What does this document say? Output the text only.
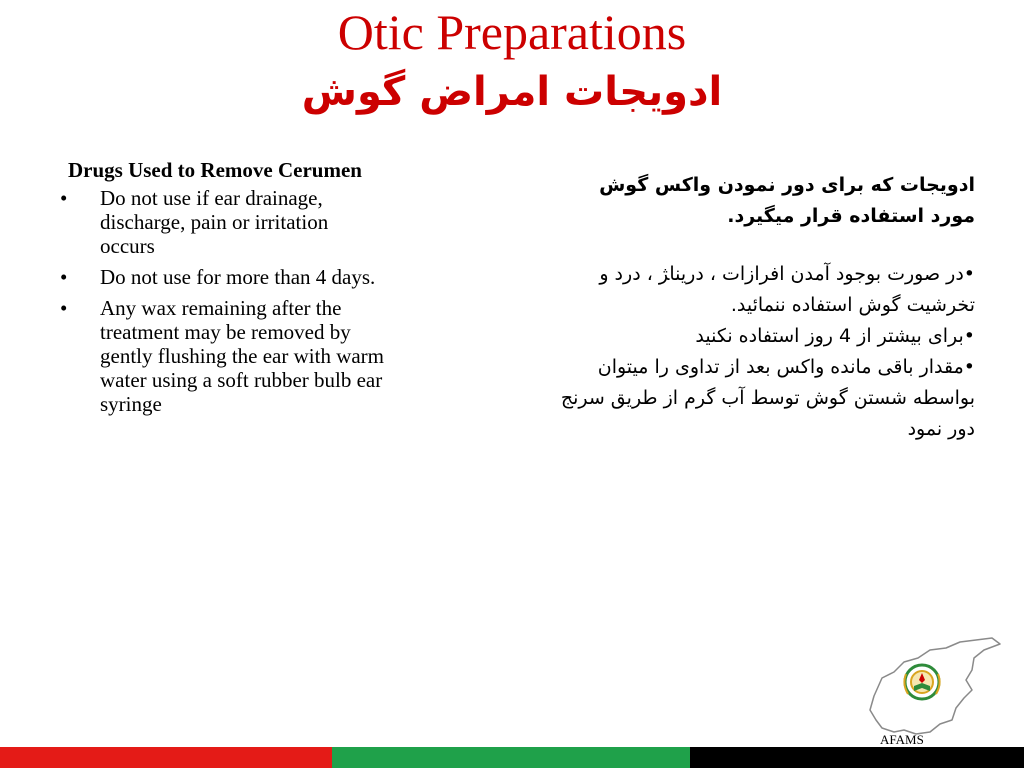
Otic Preparations
ادویجات امراض گوش
Drugs Used to Remove Cerumen
• Do not use if ear drainage, discharge, pain or irritation occurs
• Do not use for more than 4 days.
• Any wax remaining after the treatment may be removed by gently flushing the ear with warm water using a soft rubber bulb ear syringe

ادویجات که برای دور نمودن واکس گوش مورد استفاده قرار میگیرد.

•در صورت بوجود آمدن افرازات ، درینا‍ژ ، درد و تخرشیت گوش استفاده ننمائید.

•برای بیشتر از 4 روز استفاده نکنید

•مقدار باقی مانده واکس بعد از تداوی را میتوان بواسطه شستن گوش توسط آب گرم از طریق سرنج دور نمود

AFAMS
